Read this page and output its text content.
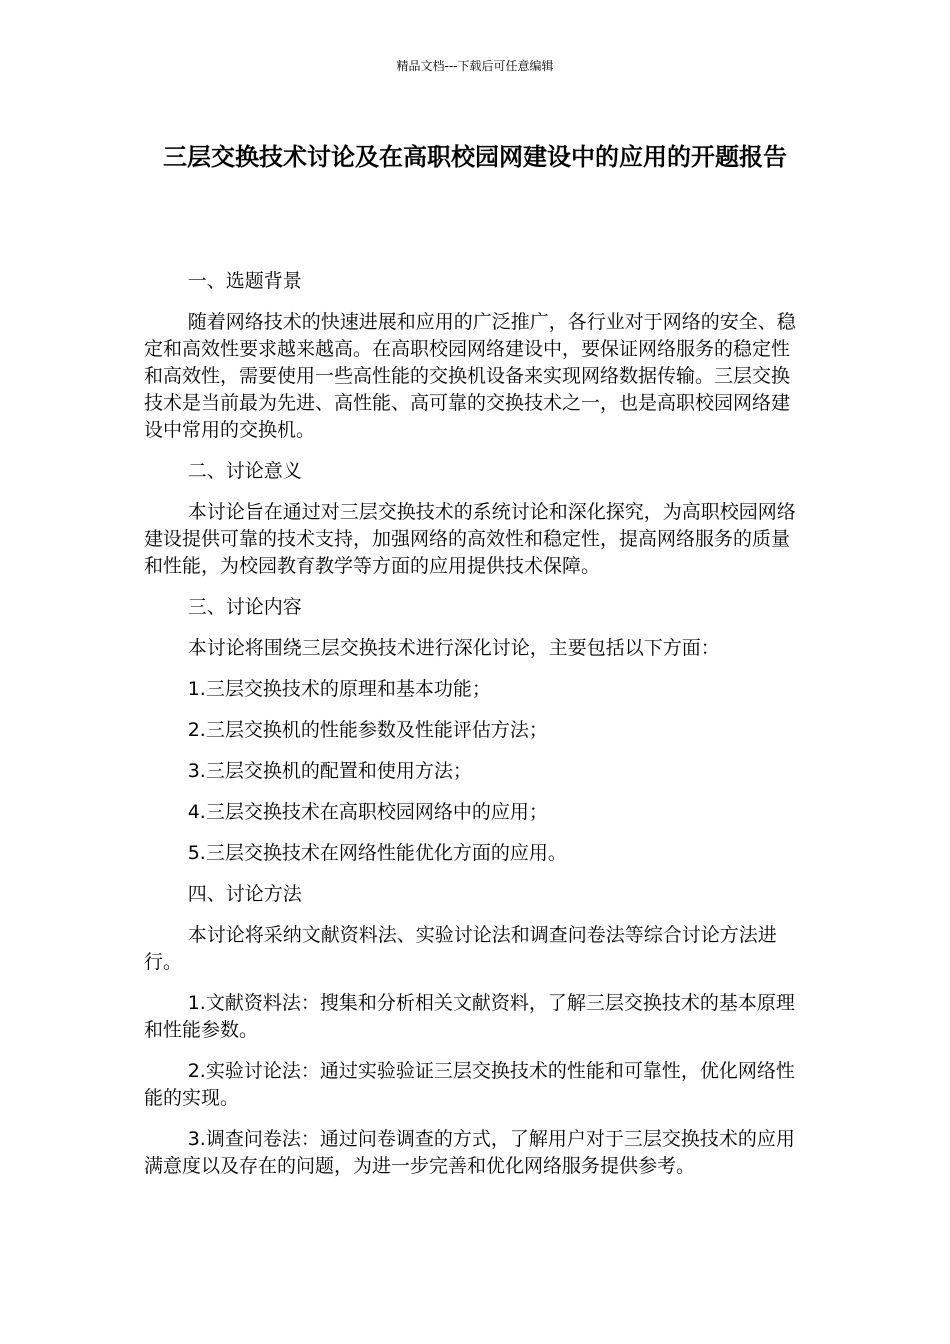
精品文档---下载后可任意编辑
三层交换技术讨论及在高职校园网建设中的应用的开题报告

一、选题背景

随着网络技术的快速进展和应用的广泛推广，各行业对于网络的安全、稳定和高效性要求越来越高。在高职校园网络建设中，要保证网络服务的稳定性和高效性，需要使用一些高性能的交换机设备来实现网络数据传输。三层交换技术是当前最为先进、高性能、高可靠的交换技术之一，也是高职校园网络建设中常用的交换机。

二、讨论意义

本讨论旨在通过对三层交换技术的系统讨论和深化探究，为高职校园网络建设提供可靠的技术支持，加强网络的高效性和稳定性，提高网络服务的质量和性能，为校园教育教学等方面的应用提供技术保障。

三、讨论内容

本讨论将围绕三层交换技术进行深化讨论，主要包括以下方面：

1.三层交换技术的原理和基本功能；

2.三层交换机的性能参数及性能评估方法；

3.三层交换机的配置和使用方法；

4.三层交换技术在高职校园网络中的应用；

5.三层交换技术在网络性能优化方面的应用。

四、讨论方法

本讨论将采纳文献资料法、实验讨论法和调查问卷法等综合讨论方法进行。

1.文献资料法：搜集和分析相关文献资料，了解三层交换技术的基本原理和性能参数。

2.实验讨论法：通过实验验证三层交换技术的性能和可靠性，优化网络性能的实现。

3.调查问卷法：通过问卷调查的方式，了解用户对于三层交换技术的应用满意度以及存在的问题，为进一步完善和优化网络服务提供参考。
